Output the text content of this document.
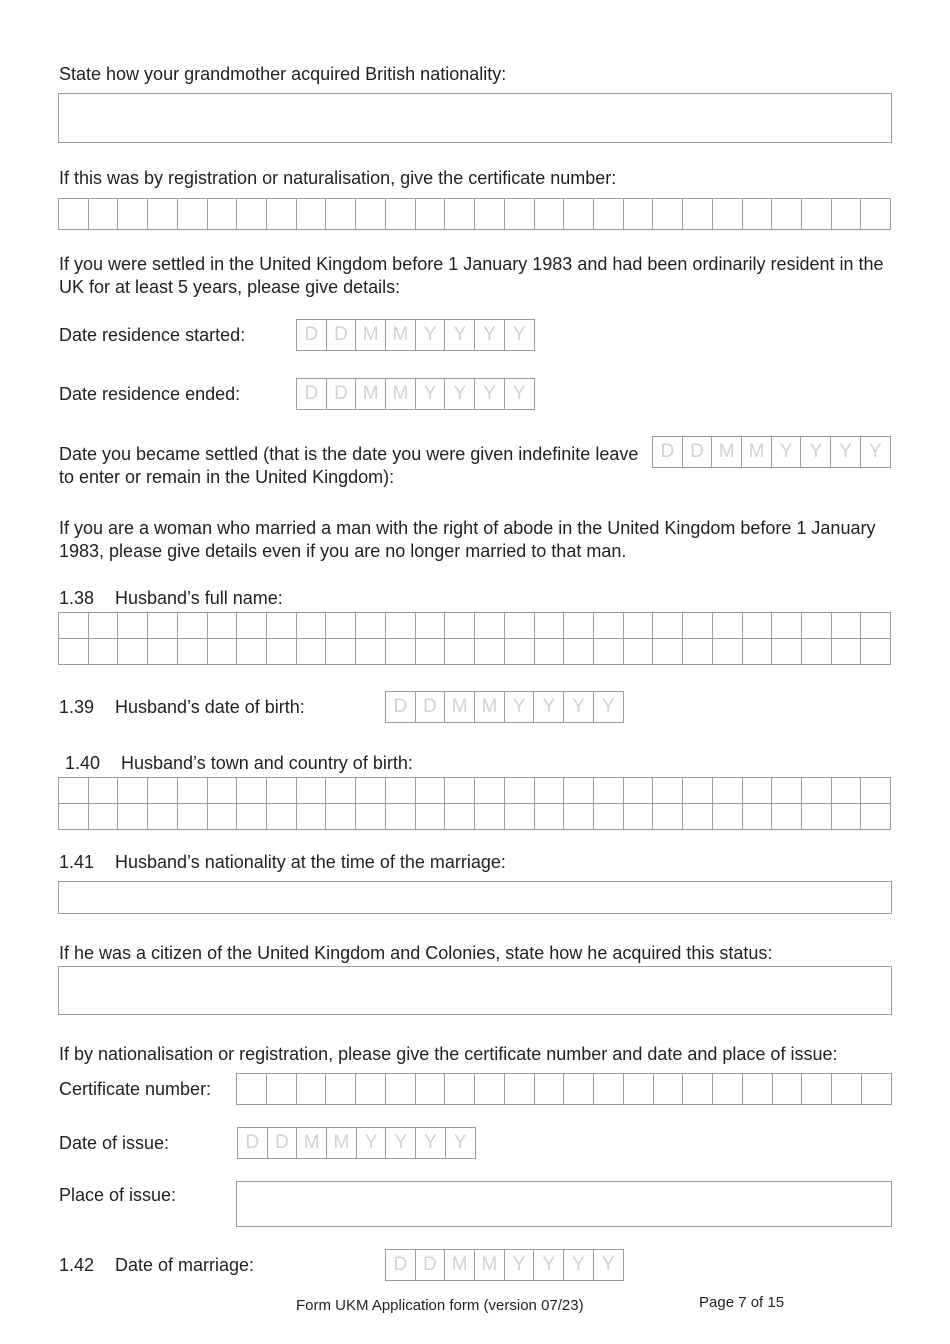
State how your grandmother acquired British nationality:
If this was by registration or naturalisation, give the certificate number:
If you were settled in the United Kingdom before 1 January 1983 and had been ordinarily resident in the UK for at least 5 years, please give details:
Date residence started:	D D M M Y Y Y Y
Date residence ended:	D D M M Y Y Y Y
Date you became settled (that is the date you were given indefinite leave to enter or remain in the United Kingdom):
D D M M Y Y Y Y
If you are a woman who married a man with the right of abode in the United Kingdom before 1 January 1983, please give details even if you are no longer married to that man.
1.38 Husband’s full name:
1.39 Husband’s date of birth:	D D M M Y Y Y Y
1.40 Husband’s town and country of birth:
1.41 Husband’s nationality at the time of the marriage:
If he was a citizen of the United Kingdom and Colonies, state how he acquired this status:
If by nationalisation or registration, please give the certificate number and date and place of issue:
Certificate number:
Date of issue:	D D M M Y Y Y Y
Place of issue:
1.42 Date of marriage:	D D M M Y Y Y Y
Form UKM Application form (version 07/23)	Page 7 of 15
